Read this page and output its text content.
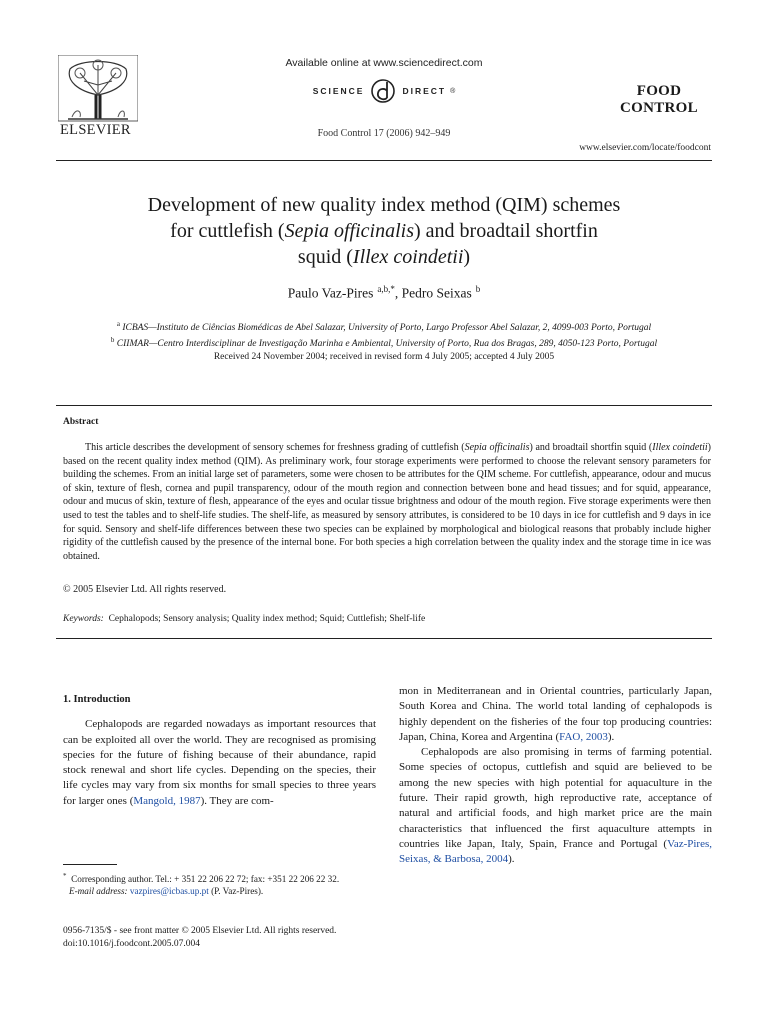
ELSEVIER
Available online at www.sciencedirect.com
SCIENCE	DIRECT ®
Food Control 17 (2006) 942–949
FOOD
CONTROL
www.elsevier.com/locate/foodcont
Development of new quality index method (QIM) schemes
for cuttlefish (Sepia officinalis) and broadtail shortfin
squid (Illex coindetii)
Paulo Vaz-Pires $^{a,b,*}$, Pedro Seixas $^b$
$^a$ ICBAS—Instituto de Ciências Biomédicas de Abel Salazar, University of Porto, Largo Professor Abel Salazar, 2, 4099-003 Porto, Portugal
$^b$ CIIMAR—Centro Interdisciplinar de Investigação Marinha e Ambiental, University of Porto, Rua dos Bragas, 289, 4050-123 Porto, Portugal
Received 24 November 2004; received in revised form 4 July 2005; accepted 4 July 2005
Abstract
This article describes the development of sensory schemes for freshness grading of cuttlefish (Sepia officinalis) and broadtail shortfin squid (Illex coindetii) based on the recent quality index method (QIM). As preliminary work, four storage experiments were performed to choose the relevant sensory parameters for building the schemes. From an initial large set of parameters, some were chosen to be attributes for the QIM scheme. For cuttlefish, appearance, odour and mucus of skin, texture of flesh, cornea and pupil transparency, odour of the mouth region and connection between bone and head tissues; and for squid, appearance, odour and mucus of skin, texture of flesh, appearance of the eyes and ocular tissue brightness and odour of the mouth region. Five storage experiments were then used to test the tables and to shelf-life studies. The shelf-life, as measured by sensory attributes, is considered to be 10 days in ice for cuttlefish and 9 days in ice for squid. Sensory and shelf-life differences between these two species can be explained by morphological and biological reasons that probably include higher rigidity of the cuttlefish caused by the presence of the internal bone. For both species a high correlation between the quality index and the storage time in ice was obtained.
© 2005 Elsevier Ltd. All rights reserved.
Keywords: Cephalopods; Sensory analysis; Quality index method; Squid; Cuttlefish; Shelf-life
1. Introduction

Cephalopods are regarded nowadays as important resources that can be exploited all over the world. They are recognised as promising species for the future of fishing because of their abundance, rapid stock renewal and short life cycles. Depending on the species, their life cycles may vary from six months for small species to three years for larger ones (Mangold, 1987). They are com-

mon in Mediterranean and in Oriental countries, particularly Japan, South Korea and China. The world total landing of cephalopods is highly dependent on the fisheries of the four top producing countries: Japan, China, Korea and Argentina (FAO, 2003).

Cephalopods are also promising in terms of farming potential. Some species of octopus, cuttlefish and squid are believed to be among the new species with high potential for aquaculture in the future. Their rapid growth, high reproductive rate, acceptance of natural and artificial foods, and high market price are the main characteristics that influenced the first aquaculture attempts in countries like Japan, Italy, Spain, France and Portugal (Vaz-Pires, Seixas, & Barbosa, 2004).

* Corresponding author. Tel.: + 351 22 206 22 72; fax: +351 22 206 22 32.
E-mail address: vazpires@icbas.up.pt (P. Vaz-Pires).
0956-7135/$ - see front matter © 2005 Elsevier Ltd. All rights reserved.
doi:10.1016/j.foodcont.2005.07.004
